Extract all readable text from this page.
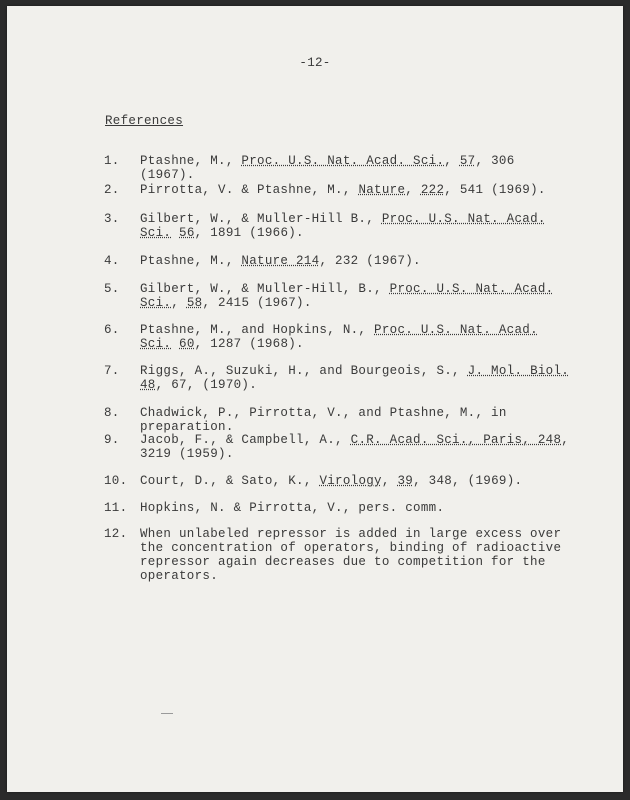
-12-
References
1.	Ptashne, M., Proc. U.S. Nat. Acad. Sci., 57, 306 (1967).
2.	Pirrotta, V. & Ptashne, M., Nature, 222, 541 (1969).
3.	Gilbert, W., & Muller-Hill B., Proc. U.S. Nat. Acad. Sci. 56, 1891 (1966).
4.	Ptashne, M., Nature 214, 232 (1967).
5.	Gilbert, W., & Muller-Hill, B., Proc. U.S. Nat. Acad. Sci., 58, 2415 (1967).
6.	Ptashne, M., and Hopkins, N., Proc. U.S. Nat. Acad. Sci. 60, 1287 (1968).
7.	Riggs, A., Suzuki, H., and Bourgeois, S., J. Mol. Biol. 48, 67, (1970).
8.	Chadwick, P., Pirrotta, V., and Ptashne, M., in preparation.
9.	Jacob, F., & Campbell, A., C.R. Acad. Sci., Paris, 248, 3219 (1959).
10.	Court, D., & Sato, K., Virology, 39, 348, (1969).
11.	Hopkins, N. & Pirrotta, V., pers. comm.
12.	When unlabeled repressor is added in large excess over the concentration of operators, binding of radioactive repressor again decreases due to competition for the operators.
